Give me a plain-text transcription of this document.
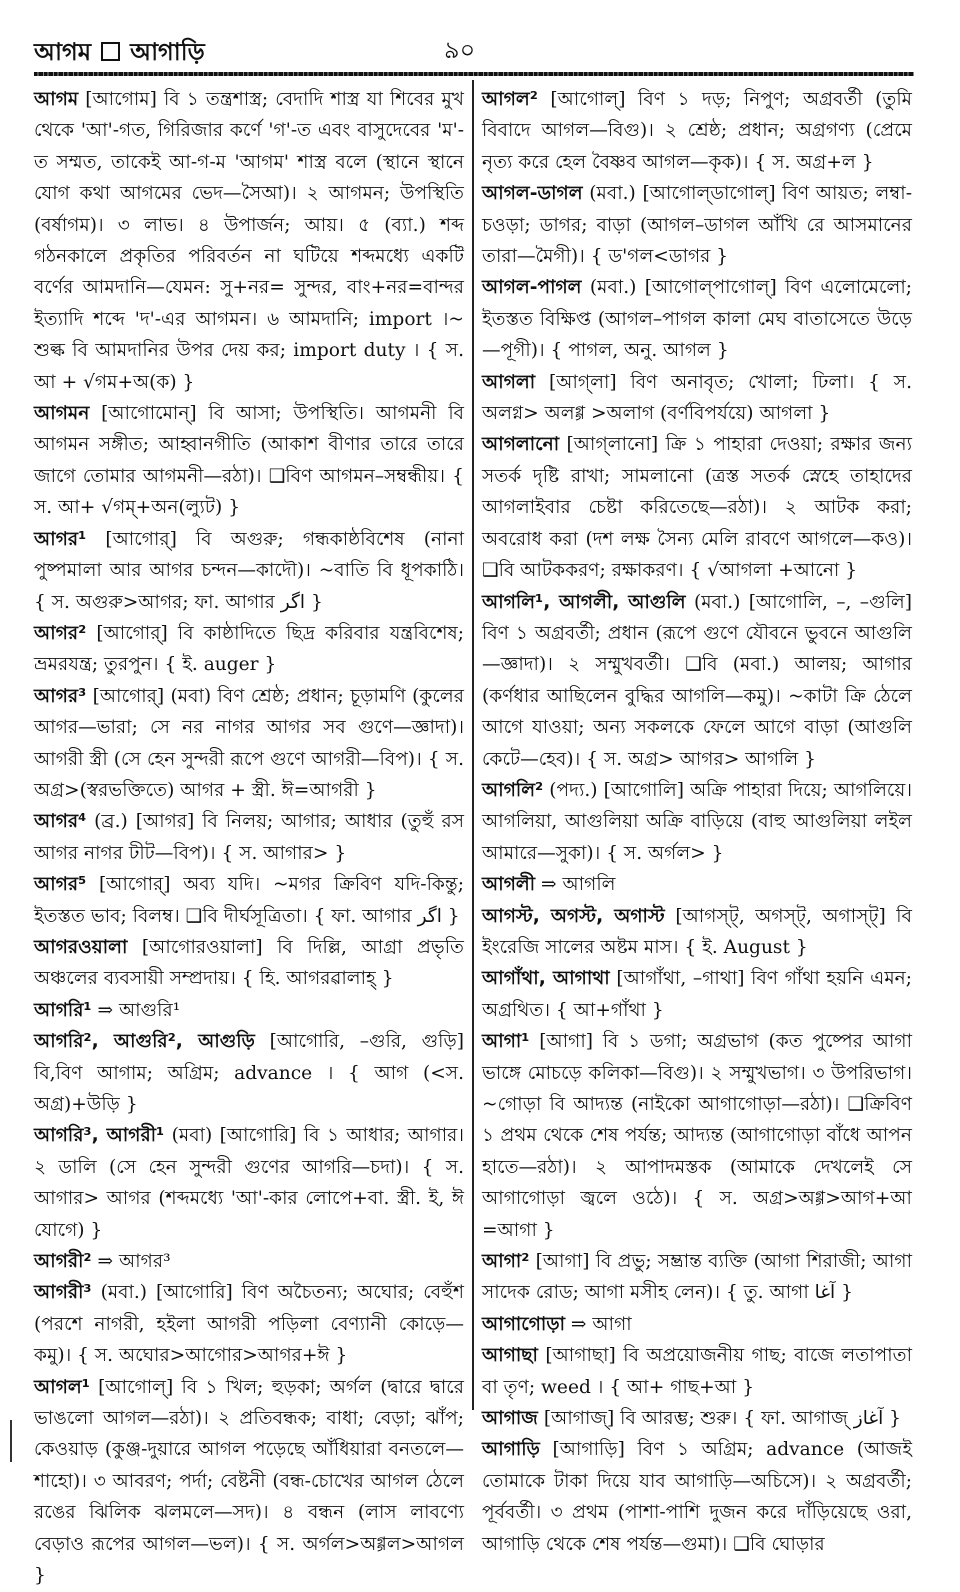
আগম আগাড়ি	৯০

আগম [আগোম] বি ১ তন্ত্রশাস্ত্র; বেদাদি শাস্ত্র যা শিবের মুখ থেকে 'আ'-গত, গিরিজার কর্ণে 'গ'-ত এবং বাসুদেবের 'ম'-ত সম্মত, তাকেই আ-গ-ম 'আগম' শাস্ত্র বলে (স্থানে স্থানে যোগ কথা আগমের ভেদ—সৈআ)। ২ আগমন; উপস্থিতি (বর্ষাগম)। ৩ লাভ। ৪ উপার্জন; আয়। ৫ (ব্যা.) শব্দ গঠনকালে প্রকৃতির পরিবর্তন না ঘটিয়ে শব্দমধ্যে একটি বর্ণের আমদানি—যেমন: সু+নর= সুন্দর, বাং+নর=বান্দর ইত্যাদি শব্দে 'দ'-এর আগমন। ৬ আমদানি; import ।~ শুল্ক বি আমদানির উপর দেয় কর; import duty । { স. আ + √গম+অ(ক) }

আগমন [আগোমোন্] বি আসা; উপস্থিতি। আগমনী বি আগমন সঙ্গীত; আহ্বানগীতি (আকাশ বীণার তারে তারে জাগে তোমার আগমনী—রঠা)। ❑বিণ আগমন–সম্বন্ধীয়। { স. আ+ √গম্‌+অন(ল্যুট) }

আগর¹ [আগোর্] বি অগুরু; গন্ধকাষ্ঠবিশেষ (নানা পুষ্পমালা আর আগর চন্দন—কাদৌ)। ~বাতি বি ধূপকাঠি। { স. অগুরু>আগর; ফা. আগার اگر }

আগর² [আগোর্] বি কাষ্ঠাদিতে ছিদ্র করিবার যন্ত্রবিশেষ; ভ্রমরযন্ত্র; তুরপুন। { ই. auger }

আগর³ [আগোর্] (মবা) বিণ শ্রেষ্ঠ; প্রধান; চূড়ামণি (কুলের আগর—ভারা; সে নর নাগর আগর সব গুণে—জ্ঞাদা)। আগরী স্ত্রী (সে হেন সুন্দরী রূপে গুণে আগরী—বিপ)। { স. অগ্র>(স্বরভক্তিতে) আগর + স্ত্রী. ঈ=আগরী }

আগর⁴ (ব্র.) [আগর] বি নিলয়; আগার; আধার (তুহুঁ রস আগর নাগর ঢীট—বিপ)। { স. আগার> }

আগর⁵ [আগোর্] অব্য যদি। ~মগর ক্রিবিণ যদি-কিন্তু; ইতস্তত ভাব; বিলম্ব। ❑বি দীর্ঘসূত্রিতা। { ফা. আগার اگر }

আগরওয়ালা [আগোরওয়ালা] বি দিল্লি, আগ্রা প্রভৃতি অঞ্চলের ব্যবসায়ী সম্প্রদায়। { হি. আগরৱালাহ্ }

আগরি¹ ⇒ আগুরি¹

আগরি², আগুরি², আগুড়ি [আগোরি, –গুরি, গুড়ি] বি,বিণ আগাম; অগ্রিম; advance । { আগ (<স. অগ্র)+উড়ি }

আগরি³, আগরী¹ (মবা) [আগোরি] বি ১ আধার; আগার। ২ ডালি (সে হেন সুন্দরী গুণের আগরি—চদা)। { স. আগার> আগর (শব্দমধ্যে 'আ'-কার লোপে+বা. স্ত্রী. ই, ঈ যোগে) }

আগরী² ⇒ আগর³

আগরী³ (মবা.) [আগোরি] বিণ অচৈতন্য; অঘোর; বেহুঁশ (পরশে নাগরী, হইলা আগরী পড়িলা বেণ্যানী কোড়ে—কমু)। { স. অঘোর>আগোর>আগর+ঈ }

আগল¹ [আগোল্] বি ১ খিল; হুড়কা; অর্গল (দ্বারে দ্বারে ভাঙলো আগল—রঠা)। ২ প্রতিবন্ধক; বাধা; বেড়া; ঝাঁপ; কেওয়াড় (কুঞ্জ-দুয়ারে আগল পড়েছে আঁধিয়ারা বনতলে—শাহো)। ৩ আবরণ; পর্দা; বেষ্টনী (বন্ধ-চোখের আগল ঠেলে রঙের ঝিলিক ঝলমলে—সদ)। ৪ বন্ধন (লাস লাবণ্যে বেড়াও রূপের আগল—ভল)। { স. অর্গল>অগ্গল>আগল }

আগল² [আগোল্] বিণ ১ দড়; নিপুণ; অগ্রবর্তী (তুমি বিবাদে আগল—বিগু)। ২ শ্রেষ্ঠ; প্রধান; অগ্রগণ্য (প্রেমে নৃত্য করে হেল বৈষ্ণব আগল—কৃক)। { স. অগ্র+ল }

আগল-ডাগল (মবা.) [আগোল্‌ডাগোল্] বিণ আয়ত; লম্বা-চওড়া; ডাগর; বাড়া (আগল–ডাগল আঁখি রে আসমানের তারা—মৈগী)। { ড'গল<ডাগর }

আগল-পাগল (মবা.) [আগোল্‌পাগোল্] বিণ এলোমেলো; ইতস্তত বিক্ষিপ্ত (আগল–পাগল কালা মেঘ বাতাসেতে উড়ে—পূগী)। { পাগল, অনু. আগল }

আগলা [আগ্‌লা] বিণ অনাবৃত; খোলা; ঢিলা। { স. অলগ্ন> অলগ্গ >অলাগ (বর্ণবিপর্যয়ে) আগলা }

আগলানো [আগ্‌লানো] ক্রি ১ পাহারা দেওয়া; রক্ষার জন্য সতর্ক দৃষ্টি রাখা; সামলানো (ত্রস্ত সতর্ক স্নেহে তাহাদের আগলাইবার চেষ্টা করিতেছে—রঠা)। ২ আটক করা; অবরোধ করা (দশ লক্ষ সৈন্য মেলি রাবণে আগলে—কও)। ❑বি আটককরণ; রক্ষাকরণ। { √আগলা +আনো }

আগলি¹, আগলী, আগুলি (মবা.) [আগোলি, –, –গুলি] বিণ ১ অগ্রবর্তী; প্রধান (রূপে গুণে যৌবনে ভুবনে আগুলি—জ্ঞাদা)। ২ সম্মুখবর্তী। ❑বি (মবা.) আলয়; আগার (কর্ণধার আছিলেন বুদ্ধির আগলি—কমু)। ~কাটা ক্রি ঠেলে আগে যাওয়া; অন্য সকলকে ফেলে আগে বাড়া (আগুলি কেটে—হেব)। { স. অগ্র> আগর> আগলি }

আগলি² (পদ্য.) [আগোলি] অক্রি পাহারা দিয়ে; আগলিয়ে। আগলিয়া, আগুলিয়া অক্রি বাড়িয়ে (বাহু আগুলিয়া লইল আমারে—সুকা)। { স. অর্গল> }

আগলী ⇒ আগলি

আগস্ট, অগস্ট, অগাস্ট [আগস্‌ট্, অগস্‌ট্, অগাস্‌ট্] বি ইংরেজি সালের অষ্টম মাস। { ই. August }

আগাঁথা, আগাথা [আগাঁথা, –গাথা] বিণ গাঁথা হয়নি এমন; অগ্রথিত। { আ+গাঁথা }

আগা¹ [আগা] বি ১ ডগা; অগ্রভাগ (কত পুষ্পের আগা ভাঙ্গে মোচড়ে কলিকা—বিগু)। ২ সম্মুখভাগ। ৩ উপরিভাগ। ~গোড়া বি আদ্যন্ত (নাইকো আগাগোড়া—রঠা)। ❑ক্রিবিণ ১ প্রথম থেকে শেষ পর্যন্ত; আদ্যন্ত (আগাগোড়া বাঁধে আপন হাতে—রঠা)। ২ আপাদমস্তক (আমাকে দেখলেই সে আগাগোড়া জ্বলে ওঠে)। { স. অগ্র>অগ্গ>আগ+আ =আগা }

আগা² [আগা] বি প্রভু; সম্ভ্রান্ত ব্যক্তি (আগা শিরাজী; আগা সাদেক রোড; আগা মসীহ লেন)। { তু. আগা آغا }

আগাগোড়া ⇒ আগা

আগাছা [আগাছা] বি অপ্রয়োজনীয় গাছ; বাজে লতাপাতা বা তৃণ; weed । { আ+ গাছ+আ }

আগাজ [আগাজ্] বি আরম্ভ; শুরু। { ফা. আগাজ্ آغاز }

আগাড়ি [আগাড়ি] বিণ ১ অগ্রিম; advance (আজই তোমাকে টাকা দিয়ে যাব আগাড়ি—অচিসে)। ২ অগ্রবর্তী; পূর্ববর্তী। ৩ প্রথম (পাশা-পাশি দুজন করে দাঁড়িয়েছে ওরা, আগাড়ি থেকে শেষ পর্যন্ত—গুমা)। ❑বি ঘোড়ার
